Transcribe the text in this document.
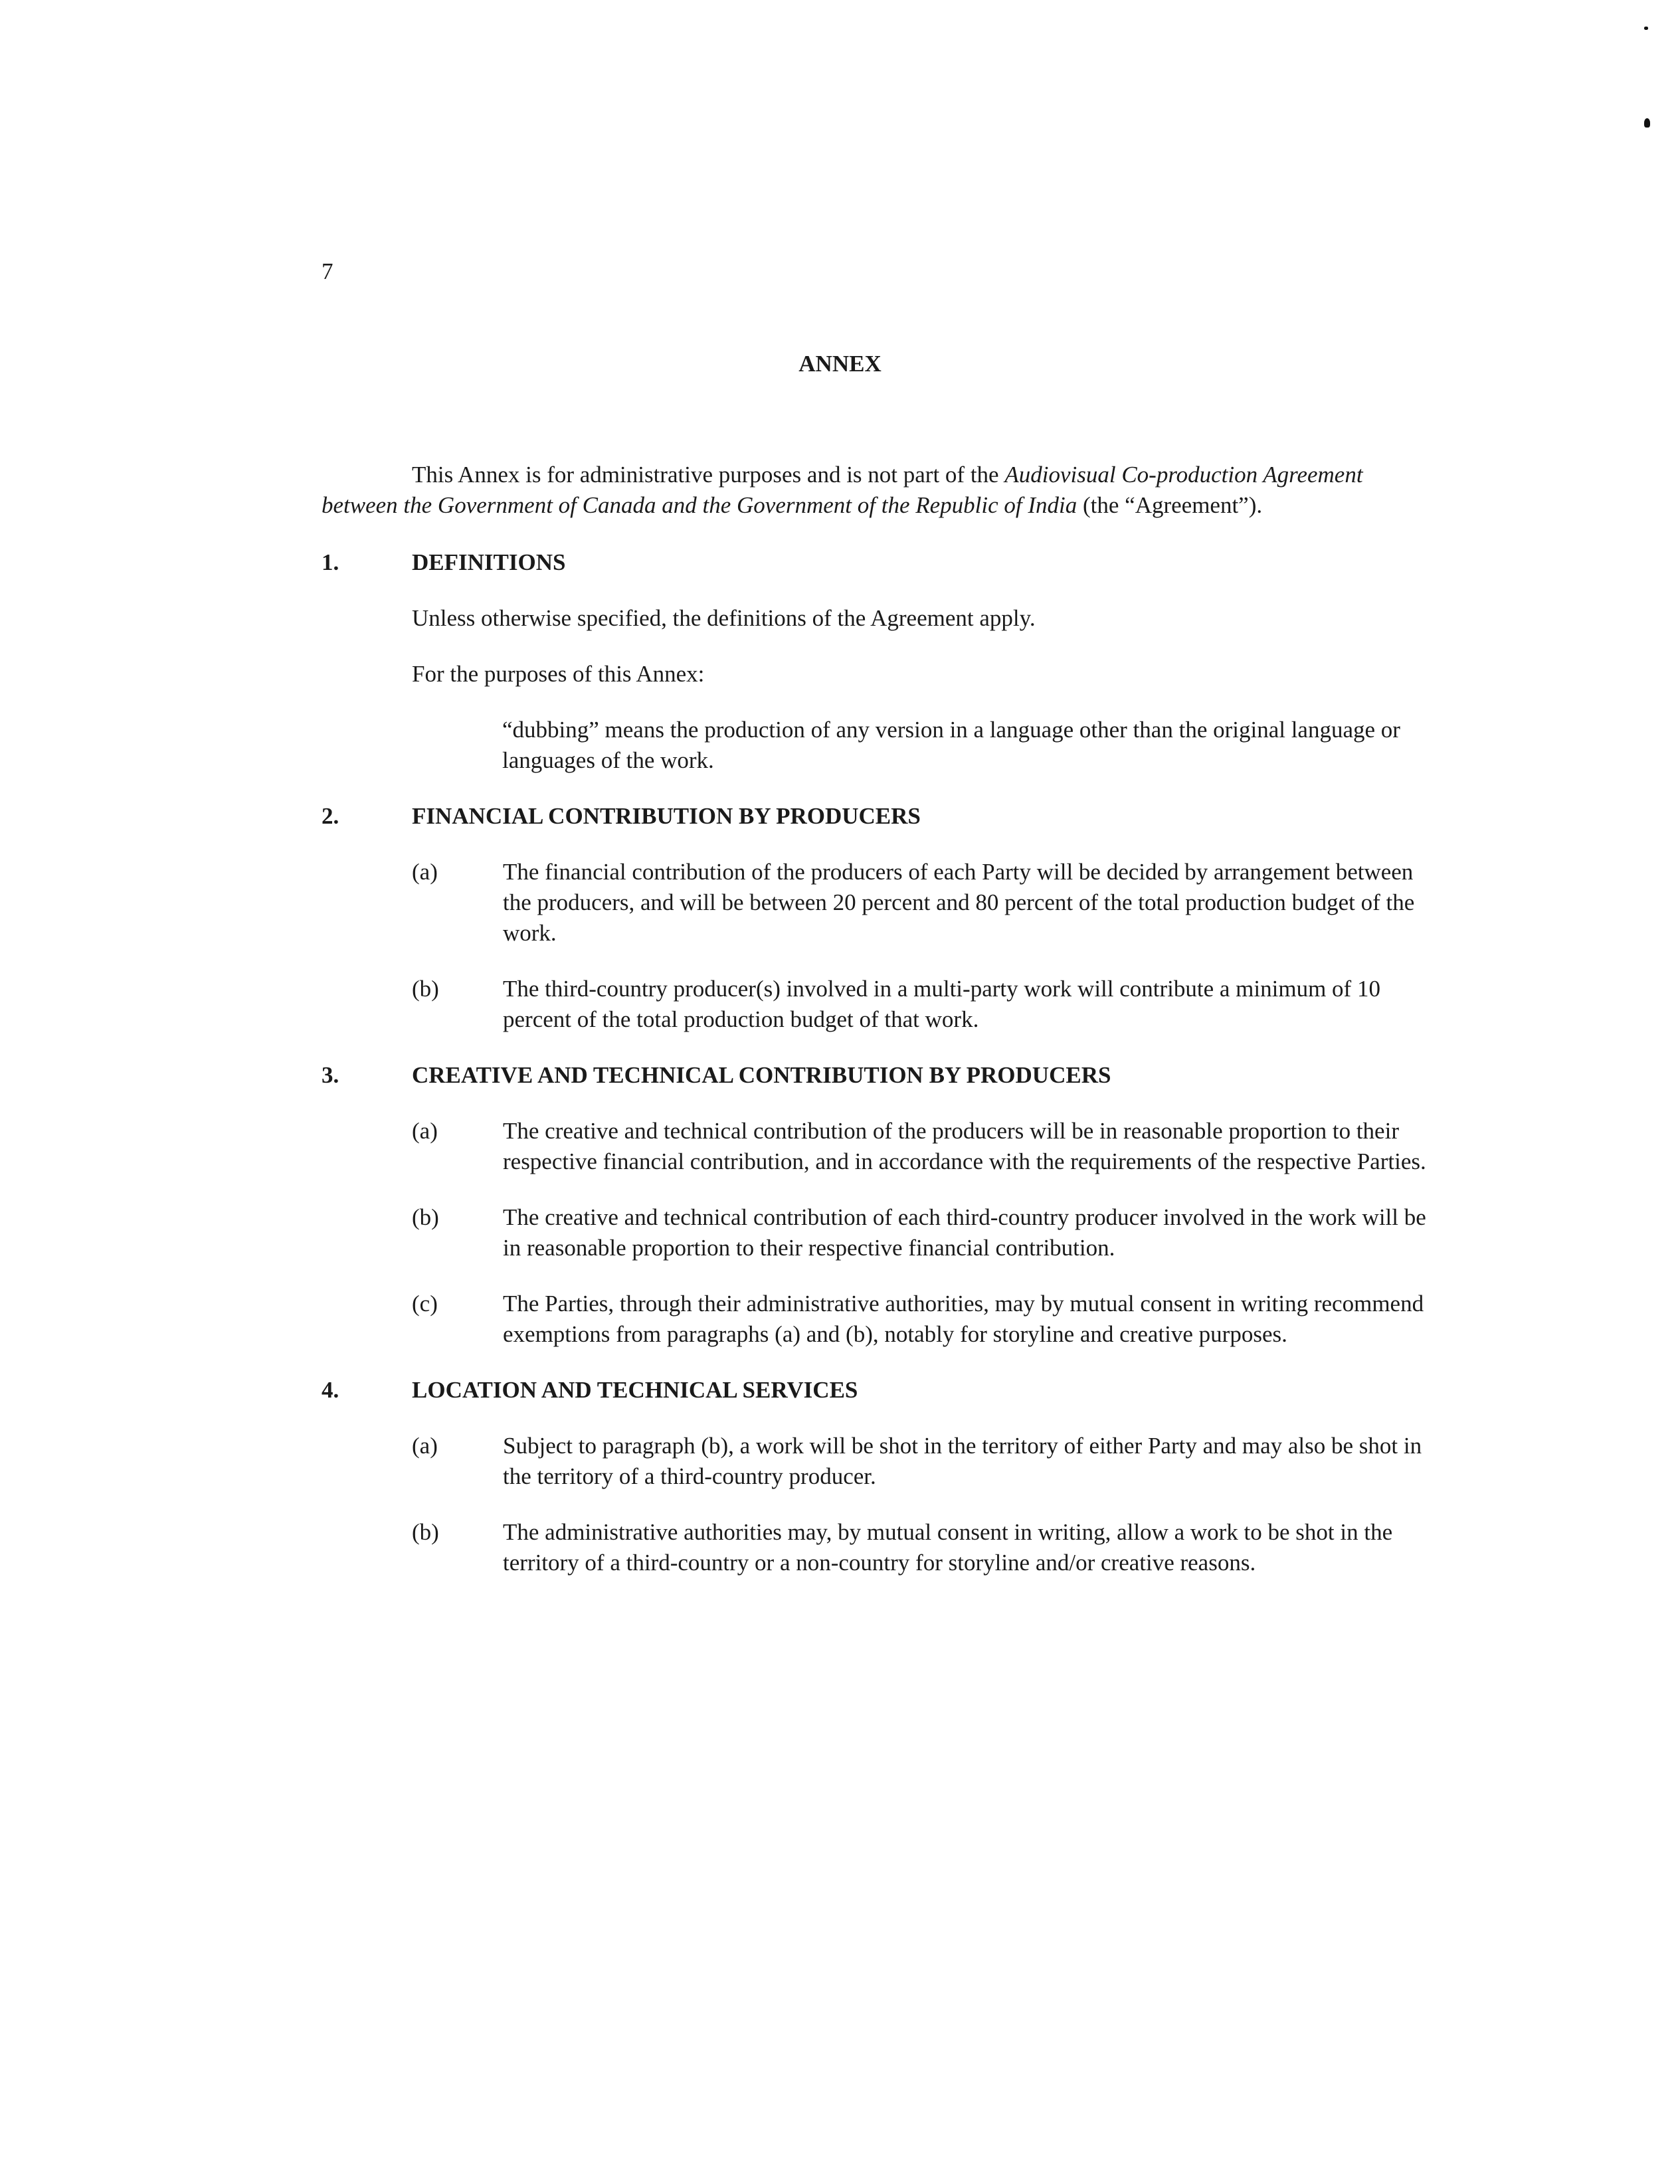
7

ANNEX

This Annex is for administrative purposes and is not part of the Audiovisual Co-production Agreement between the Government of Canada and the Government of the Republic of India (the “Agreement”).

1.	DEFINITIONS

Unless otherwise specified, the definitions of the Agreement apply.

For the purposes of this Annex:

“dubbing” means the production of any version in a language other than the original language or languages of the work.

2.	FINANCIAL CONTRIBUTION BY PRODUCERS
(a)	The financial contribution of the producers of each Party will be decided by arrangement between the producers, and will be between 20 percent and 80 percent of the total production budget of the work.
(b)	The third-country producer(s) involved in a multi-party work will contribute a minimum of 10 percent of the total production budget of that work.
3.	CREATIVE AND TECHNICAL CONTRIBUTION BY PRODUCERS
(a)	The creative and technical contribution of the producers will be in reasonable proportion to their respective financial contribution, and in accordance with the requirements of the respective Parties.
(b)	The creative and technical contribution of each third-country producer involved in the work will be in reasonable proportion to their respective financial contribution.
(c)	The Parties, through their administrative authorities, may by mutual consent in writing recommend exemptions from paragraphs (a) and (b), notably for storyline and creative purposes.
4.	LOCATION AND TECHNICAL SERVICES
(a)	Subject to paragraph (b), a work will be shot in the territory of either Party and may also be shot in the territory of a third-country producer.
(b)	The administrative authorities may, by mutual consent in writing, allow a work to be shot in the territory of a third-country or a non-country for storyline and/or creative reasons.
